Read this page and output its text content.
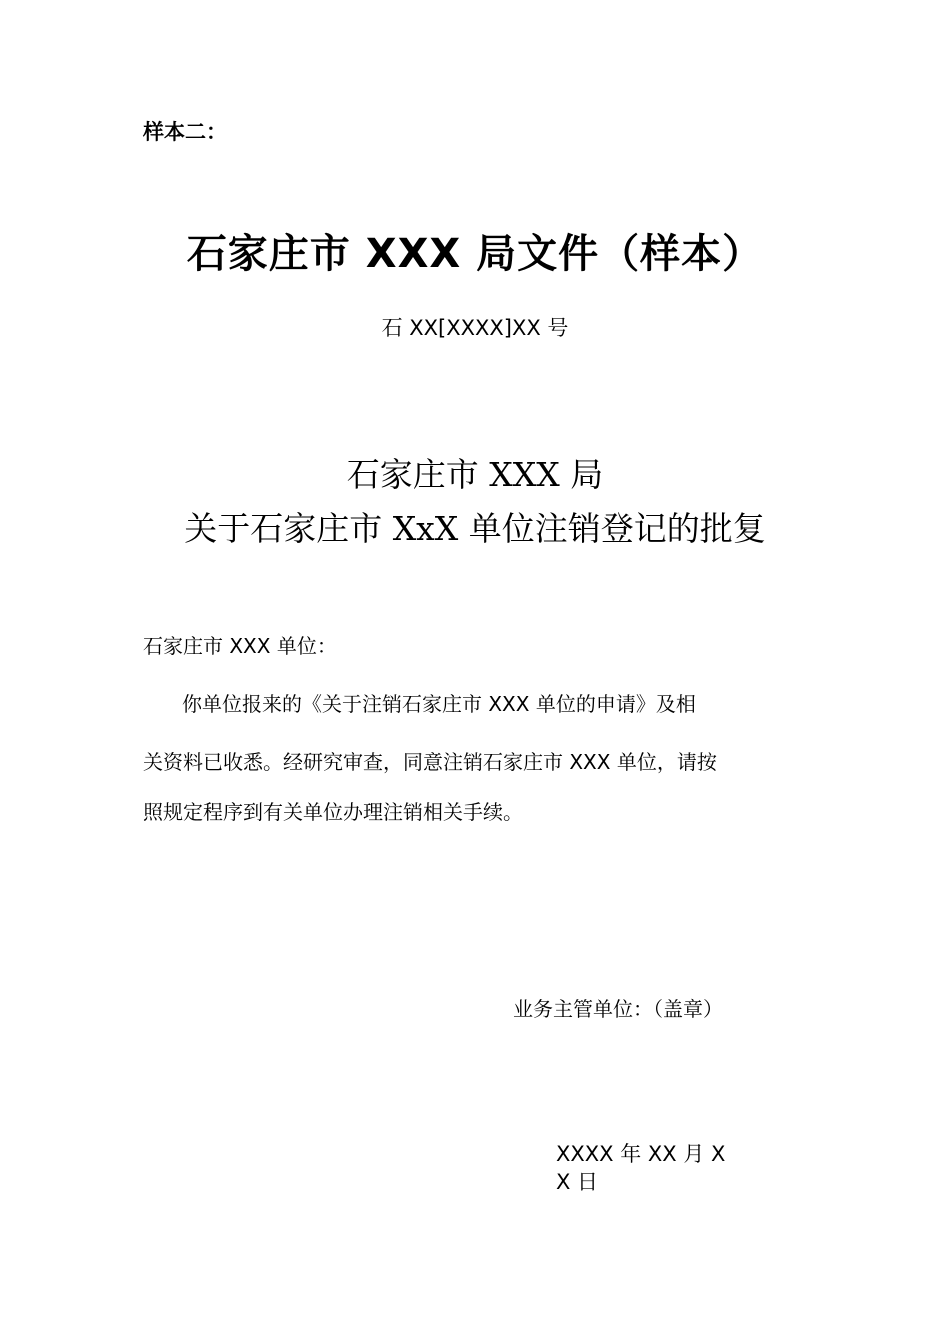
样本二：
石家庄市 XXX 局文件（样本）
石 XX[XXXX]XX 号
石家庄市 XXX 局
关于石家庄市 XxX 单位注销登记的批复
石家庄市 XXX 单位：
你单位报来的《关于注销石家庄市 XXX 单位的申请》及相
关资料已收悉。经研究审查，同意注销石家庄市 XXX 单位，请按
照规定程序到有关单位办理注销相关手续。
业务主管单位：（盖章）
XXXX 年 XX 月 X
X 日
